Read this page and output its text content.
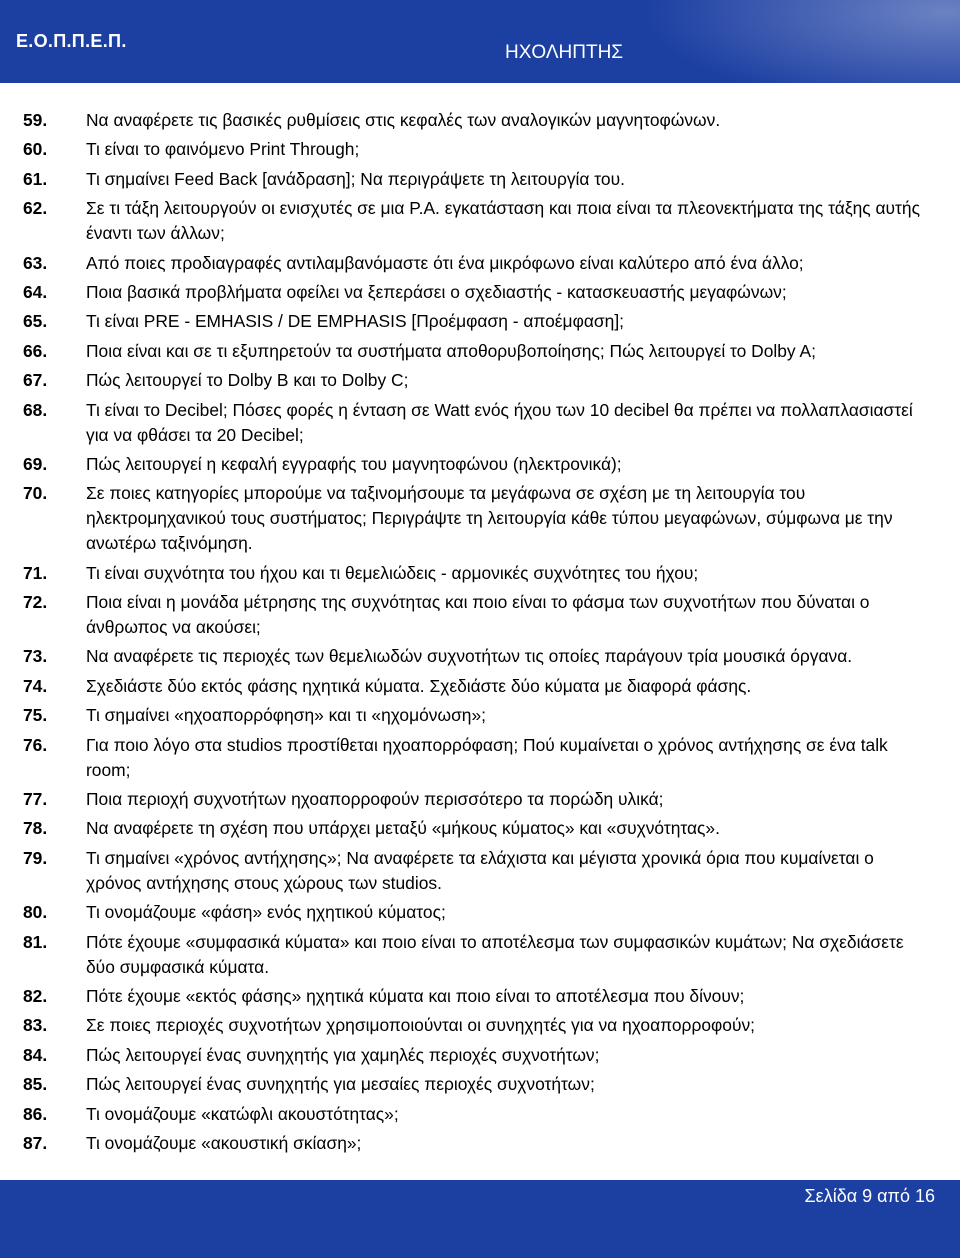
Ε.Ο.Π.Π.Ε.Π.
ΗΧΟΛΗΠΤΗΣ
59. Να αναφέρετε τις βασικές ρυθμίσεις στις κεφαλές των αναλογικών μαγνητοφώνων.
60. Τι είναι το φαινόμενο Print Through;
61. Τι σημαίνει Feed Back [ανάδραση]; Να περιγράψετε τη λειτουργία του.
62. Σε τι τάξη λειτουργούν οι ενισχυτές σε μια Ρ.Α. εγκατάσταση και ποια είναι τα πλεονεκτήματα της τάξης αυτής έναντι των άλλων;
63. Από ποιες προδιαγραφές αντιλαμβανόμαστε ότι ένα μικρόφωνο είναι καλύτερο από ένα άλλο;
64. Ποια βασικά προβλήματα οφείλει να ξεπεράσει ο σχεδιαστής - κατασκευαστής μεγαφώνων;
65. Τι είναι PRE - EMHASIS / DE EMPHASIS [Προέμφαση - αποέμφαση];
66. Ποια είναι και σε τι εξυπηρετούν τα συστήματα αποθορυβοποίησης; Πώς λειτουργεί το Dolby A;
67. Πώς λειτουργεί το Dolby B και το Dolby C;
68. Τι είναι το Decibel; Πόσες φορές η ένταση σε Watt ενός ήχου των 10 decibel θα πρέπει να πολλαπλασιαστεί για να φθάσει τα 20 Decibel;
69. Πώς λειτουργεί η κεφαλή εγγραφής του μαγνητοφώνου (ηλεκτρονικά);
70. Σε ποιες κατηγορίες μπορούμε να ταξινομήσουμε τα μεγάφωνα σε σχέση με τη λειτουργία του ηλεκτρομηχανικού τους συστήματος; Περιγράψτε τη λειτουργία κάθε τύπου μεγαφώνων, σύμφωνα με την ανωτέρω ταξινόμηση.
71. Τι είναι συχνότητα του ήχου και τι θεμελιώδεις - αρμονικές συχνότητες του ήχου;
72. Ποια είναι η μονάδα μέτρησης της συχνότητας και ποιο είναι το φάσμα των συχνοτήτων που δύναται ο άνθρωπος να ακούσει;
73. Να αναφέρετε τις περιοχές των θεμελιωδών συχνοτήτων τις οποίες παράγουν τρία μουσικά όργανα.
74. Σχεδιάστε δύο εκτός φάσης ηχητικά κύματα. Σχεδιάστε δύο κύματα με διαφορά φάσης.
75. Τι σημαίνει «ηχοαπορρόφηση» και τι «ηχομόνωση»;
76. Για ποιο λόγο στα studios προστίθεται ηχοαπορρόφαση; Πού κυμαίνεται ο χρόνος αντήχησης σε ένα talk room;
77. Ποια περιοχή συχνοτήτων ηχοαπορροφούν περισσότερο τα πορώδη υλικά;
78. Να αναφέρετε τη σχέση που υπάρχει μεταξύ «μήκους κύματος» και «συχνότητας».
79. Τι σημαίνει «χρόνος αντήχησης»; Να αναφέρετε τα ελάχιστα και μέγιστα χρονικά όρια που κυμαίνεται ο χρόνος αντήχησης στους χώρους των studios.
80. Τι ονομάζουμε «φάση» ενός ηχητικού κύματος;
81. Πότε έχουμε «συμφασικά κύματα» και ποιο είναι το αποτέλεσμα των συμφασικών κυμάτων; Να σχεδιάσετε δύο συμφασικά κύματα.
82. Πότε έχουμε «εκτός φάσης» ηχητικά κύματα και ποιο είναι το αποτέλεσμα που δίνουν;
83. Σε ποιες περιοχές συχνοτήτων χρησιμοποιούνται οι συνηχητές για να ηχοαπορροφούν;
84. Πώς λειτουργεί ένας συνηχητής για χαμηλές περιοχές συχνοτήτων;
85. Πώς λειτουργεί ένας συνηχητής για μεσαίες περιοχές συχνοτήτων;
86. Τι ονομάζουμε «κατώφλι ακουστότητας»;
87. Τι ονομάζουμε «ακουστική σκίαση»;
Σελίδα 9 από 16
